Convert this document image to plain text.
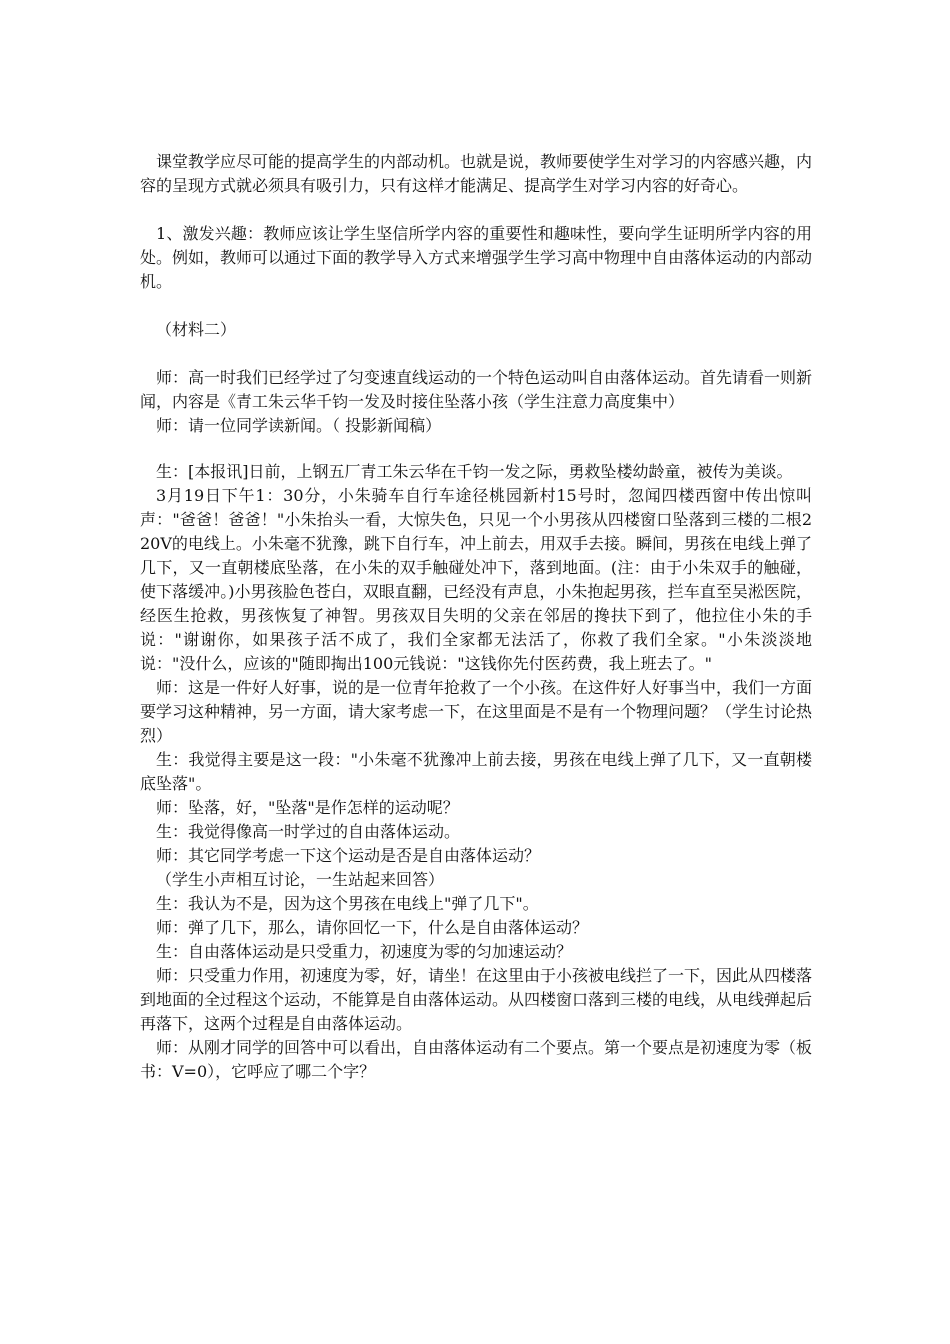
课堂教学应尽可能的提高学生的内部动机。也就是说，教师要使学生对学习的内容感兴趣，内容的呈现方式就必须具有吸引力，只有这样才能满足、提高学生对学习内容的好奇心。

1、激发兴趣：教师应该让学生坚信所学内容的重要性和趣味性，要向学生证明所学内容的用处。例如，教师可以通过下面的教学导入方式来增强学生学习高中物理中自由落体运动的内部动机。

（材料二）

师：高一时我们已经学过了匀变速直线运动的一个特色运动叫自由落体运动。首先请看一则新闻，内容是《青工朱云华千钧一发及时接住坠落小孩（学生注意力高度集中）

师：请一位同学读新闻。（ 投影新闻稿）

生：[本报讯]日前，上钢五厂青工朱云华在千钧一发之际，勇救坠楼幼龄童，被传为美谈。

3月19日下午1：30分，小朱骑车自行车途径桃园新村15号时，忽闻四楼西窗中传出惊叫声："爸爸！爸爸！"小朱抬头一看，大惊失色，只见一个小男孩从四楼窗口坠落到三楼的二根220V的电线上。小朱毫不犹豫，跳下自行车，冲上前去，用双手去接。瞬间，男孩在电线上弹了几下，又一直朝楼底坠落，在小朱的双手触碰处冲下，落到地面。(注：由于小朱双手的触碰，使下落缓冲。)小男孩脸色苍白，双眼直翻，已经没有声息，小朱抱起男孩，拦车直至吴淞医院，经医生抢救，男孩恢复了神智。男孩双目失明的父亲在邻居的搀扶下到了，他拉住小朱的手说："谢谢你，如果孩子活不成了，我们全家都无法活了，你救了我们全家。"小朱淡淡地说："没什么，应该的"随即掏出100元钱说："这钱你先付医药费，我上班去了。"

师：这是一件好人好事，说的是一位青年抢救了一个小孩。在这件好人好事当中，我们一方面要学习这种精神，另一方面，请大家考虑一下，在这里面是不是有一个物理问题？（学生讨论热烈）

生：我觉得主要是这一段："小朱毫不犹豫冲上前去接，男孩在电线上弹了几下，又一直朝楼底坠落"。

师：坠落，好，"坠落"是作怎样的运动呢？

生：我觉得像高一时学过的自由落体运动。

师：其它同学考虑一下这个运动是否是自由落体运动？

（学生小声相互讨论，一生站起来回答）

生：我认为不是，因为这个男孩在电线上"弹了几下"。

师：弹了几下，那么，请你回忆一下，什么是自由落体运动？

生：自由落体运动是只受重力，初速度为零的匀加速运动？

师：只受重力作用，初速度为零，好，请坐！在这里由于小孩被电线拦了一下，因此从四楼落到地面的全过程这个运动，不能算是自由落体运动。从四楼窗口落到三楼的电线，从电线弹起后再落下，这两个过程是自由落体运动。

师：从刚才同学的回答中可以看出，自由落体运动有二个要点。第一个要点是初速度为零（板书：V=0），它呼应了哪二个字？
